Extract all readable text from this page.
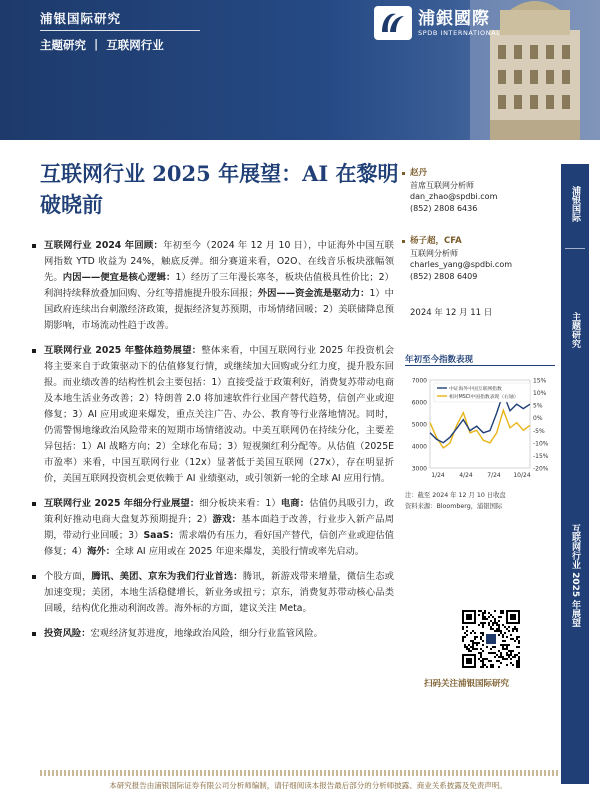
浦银国际研究
主题研究 | 互联网行业
浦銀國際
SPDB INTERNATIONAL
互联网行业 2025 年展望：AI 在黎明破晓前
互联网行业 2024 年回顾：年初至今（2024 年 12 月 10 日），中证海外中国互联网指数 YTD 收益为 24%，触底反弹。细分赛道来看，O2O、在线音乐板块涨幅领先。内因——便宜是核心逻辑：1）经历了三年漫长寒冬，板块估值极具性价比；2）利润持续释放叠加回购、分红等措施提升股东回报；外因——资金流是驱动力：1）中国政府连续出台刺激经济政策，提振经济复苏预期，市场情绪回暖；2）美联储降息预期影响，市场流动性趋于改善。
互联网行业 2025 年整体趋势展望：整体来看，中国互联网行业 2025 年投资机会将主要来自于政策驱动下的估值修复行情，或继续加大回购或分红力度，提升股东回报。而业绩改善的结构性机会主要包括：1）直接受益于政策利好，消费复苏带动电商及本地生活业务改善；2）特朗普 2.0 将加速软件行业国产替代趋势，信创产业或迎修复；3）AI 应用或迎来爆发，重点关注广告、办公、教育等行业落地情况。同时，仍需警惕地缘政治风险带来的短期市场情绪波动。中美互联网仍在持续分化，主要差异包括：1）AI 战略方向；2）全球化布局；3）短视频红利分配等。从估值（2025E 市盈率）来看，中国互联网行业（12x）显著低于美国互联网（27x），存在明显折价，美国互联网投资机会更依赖于 AI 业绩驱动，或引领新一轮的全球 AI 应用行情。
互联网行业 2025 年细分行业展望：细分板块来看：1）电商：估值仍具吸引力，政策利好推动电商大盘复苏预期提升；2）游戏：基本面趋于改善，行业步入新产品周期，带动行业回暖；3）SaaS：需求端仍有压力，看好国产替代，信创产业或迎估值修复；4）海外：全球 AI 应用或在 2025 年迎来爆发，美股行情或率先启动。
个股方面，腾讯、美团、京东为我们行业首选：腾讯，新游戏带来增量，微信生态或加速变现；美团，本地生活稳健增长，新业务或扭亏；京东，消费复苏带动核心品类回暖，结构优化推动利润改善。海外标的方面，建议关注 Meta。
投资风险：宏观经济复苏进度，地缘政治风险，细分行业监管风险。
赵丹
首席互联网分析师
dan_zhao@spdbi.com
(852) 2808 6436
杨子超，CFA
互联网分析师
charles_yang@spdbi.com
(852) 2808 6409
2024 年 12 月 11 日
年初至今指数表现
7000
6000
5000
4000
3000
15%
10%
5%
0%
-5%
-10%
-15%
-20%
1/24 4/24 7/24 10/24
中证海外中国互联网指数
相对MSCI中国指数表现（右轴）
注：截至 2024 年 12 月 10 日收盘
资料来源：Bloomberg，浦银国际
扫码关注浦银国际研究
浦银国际
主题研究
互联网行业 2025 年展望
本研究报告由浦银国际证券有限公司分析师编制，请仔细阅读本报告最后部分的分析师披露、商业关系披露及免责声明。
